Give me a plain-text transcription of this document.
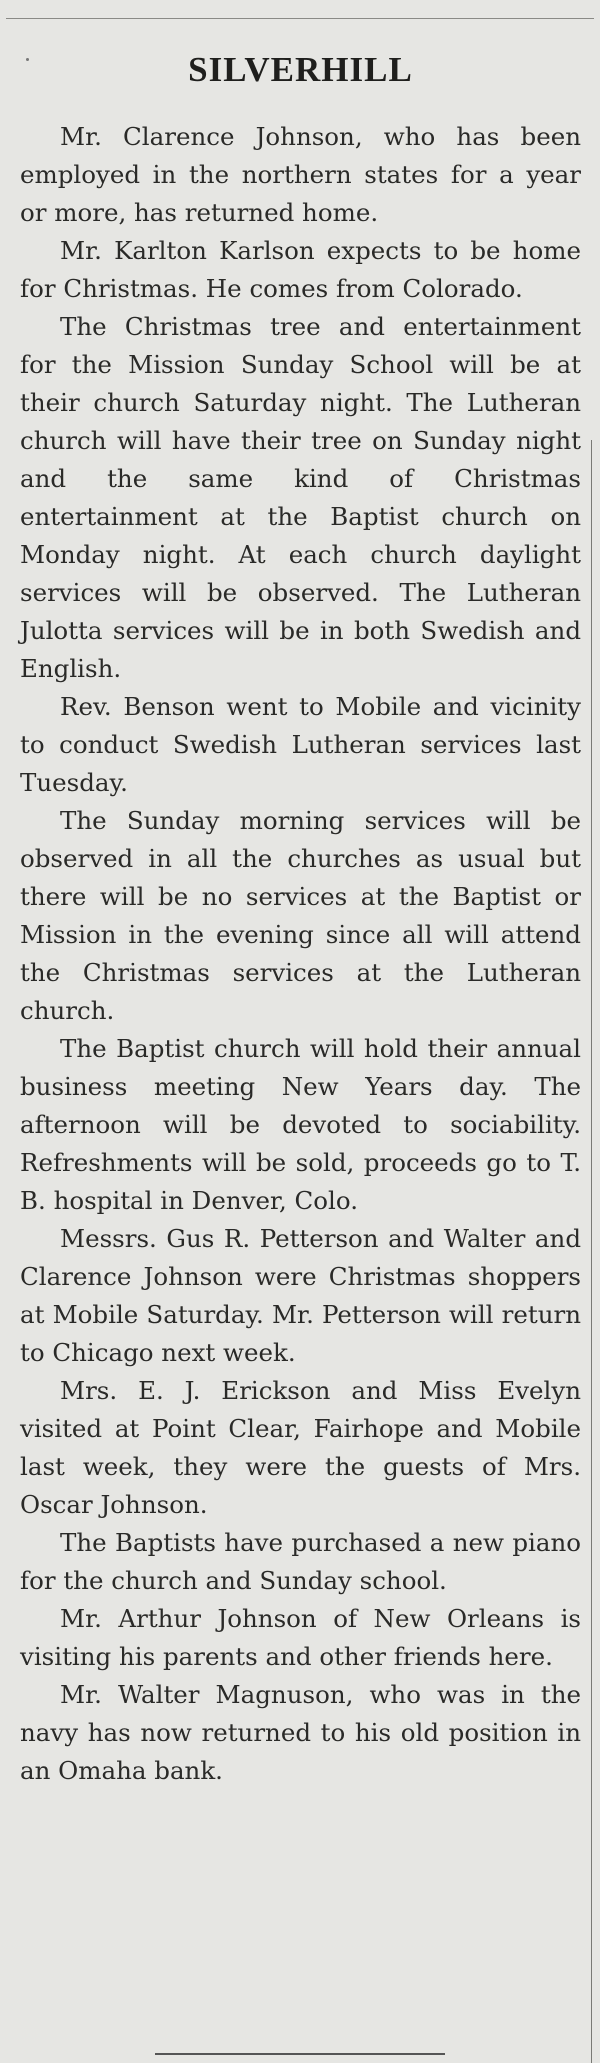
SILVERHILL

Mr. Clarence Johnson, who has been employed in the northern states for a year or more, has returned home.

Mr. Karlton Karlson expects to be home for Christmas. He comes from Colorado.

The Christmas tree and entertainment for the Mission Sunday School will be at their church Saturday night. The Lutheran church will have their tree on Sunday night and the same kind of Christmas entertainment at the Baptist church on Monday night. At each church daylight services will be observed. The Lutheran Julotta services will be in both Swedish and English.

Rev. Benson went to Mobile and vicinity to conduct Swedish Lutheran services last Tuesday.

The Sunday morning services will be observed in all the churches as usual but there will be no services at the Baptist or Mission in the evening since all will attend the Christmas services at the Lutheran church.

The Baptist church will hold their annual business meeting New Years day. The afternoon will be devoted to sociability. Refreshments will be sold, proceeds go to T. B. hospital in Denver, Colo.

Messrs. Gus R. Petterson and Walter and Clarence Johnson were Christmas shoppers at Mobile Saturday. Mr. Petterson will return to Chicago next week.

Mrs. E. J. Erickson and Miss Evelyn visited at Point Clear, Fairhope and Mobile last week, they were the guests of Mrs. Oscar Johnson.

The Baptists have purchased a new piano for the church and Sunday school.

Mr. Arthur Johnson of New Orleans is visiting his parents and other friends here.

Mr. Walter Magnuson, who was in the navy has now returned to his old position in an Omaha bank.
